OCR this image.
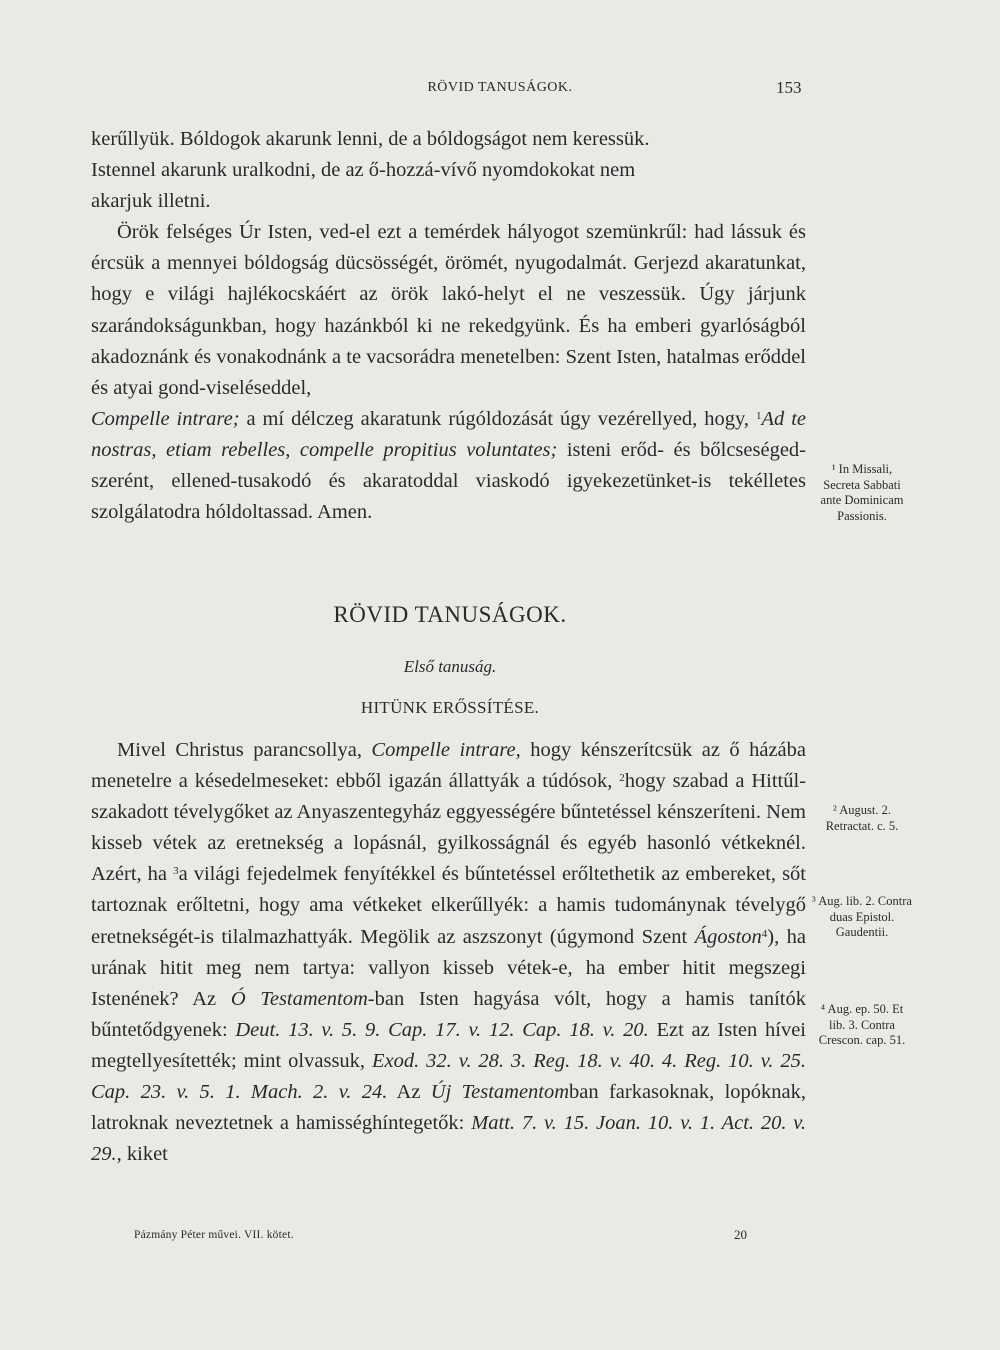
RÖVID TANUSÁGOK.	153

kerűllyük. Bóldogok akarunk lenni, de a bóldogságot nem keressük.
Istennel akarunk uralkodni, de az ő-hozzá-vívő nyomdokokat nem
akarjuk illetni.

Örök felséges Úr Isten, ved-el ezt a temérdek hályogot szemünkrűl: had lássuk és ércsük a mennyei bóldogság dücsösségét, örömét, nyugodalmát. Gerjezd akaratunkat, hogy e világi hajlékocskáért az örök lakó-helyt el ne veszessük. Úgy járjunk szarándokságunkban, hogy hazánkból ki ne rekedgyünk. És ha emberi gyarlóságból akadoznánk és vonakodnánk a te vacsorádra menetelben: Szent Isten, hatalmas erőddel és atyai gond-viseléseddel,
Compelle intrare; a mí délczeg akaratunk rúgóldozását úgy vezérellyed, hogy, $^1$Ad te nostras, etiam rebelles, compelle propitius voluntates; isteni erőd- és bőlcseséged-szerént, ellened-tusakodó és akaratoddal viaskodó igyekezetünket-is tekélletes szolgálatodra hóldoltassad. Amen.

RÖVID TANUSÁGOK.
Első tanuság.
HITÜNK ERŐSSÍTÉSE.

Mivel Christus parancsollya, Compelle intrare, hogy kénszerítcsük az ő házába menetelre a késedelmeseket: ebből igazán állattyák a túdósok, $^2$hogy szabad a Hittűl-szakadott tévelygőket az Anyaszentegyház eggyességére bűntetéssel kénszeríteni. Nem kisseb vétek az eretnekség a lopásnál, gyilkosságnál és egyéb hasonló vétkeknél. Azért, ha $^3$a világi fejedelmek fenyítékkel és bűntetéssel erőltethetik az embereket, sőt tartoznak erőltetni, hogy ama vétkeket elkerűllyék: a hamis tudománynak tévelygő eretnekségét-is tilalmazhattyák. Megölik az aszszonyt (úgymond Szent Ágoston$^4$), ha urának hitit meg nem tartya: vallyon kisseb vétek-e, ha ember hitit megszegi Istenének? Az Ó Testamentom-ban Isten hagyása vólt, hogy a hamis tanítók bűntetődgyenek: Deut. 13. v. 5. 9. Cap. 17. v. 12. Cap. 18. v. 20. Ezt az Isten hívei megtellyesítették; mint olvassuk, Exod. 32. v. 28. 3. Reg. 18. v. 40. 4. Reg. 10. v. 25. Cap. 23. v. 5. 1. Mach. 2. v. 24. Az Új Testamentomban farkasoknak, lopóknak, latroknak neveztetnek a hamisséghíntegetők: Matt. 7. v. 15. Joan. 10. v. 1. Act. 20. v. 29., kiket

¹ In Missali, Secreta Sabbati ante Dominicam Passionis.
² August. 2. Retractat. c. 5.
³ Aug. lib. 2. Contra duas Epistol. Gaudentii.
⁴ Aug. ep. 50. Et lib. 3. Contra Crescon. cap. 51.
Pázmány Péter művei. VII. kötet.	20
